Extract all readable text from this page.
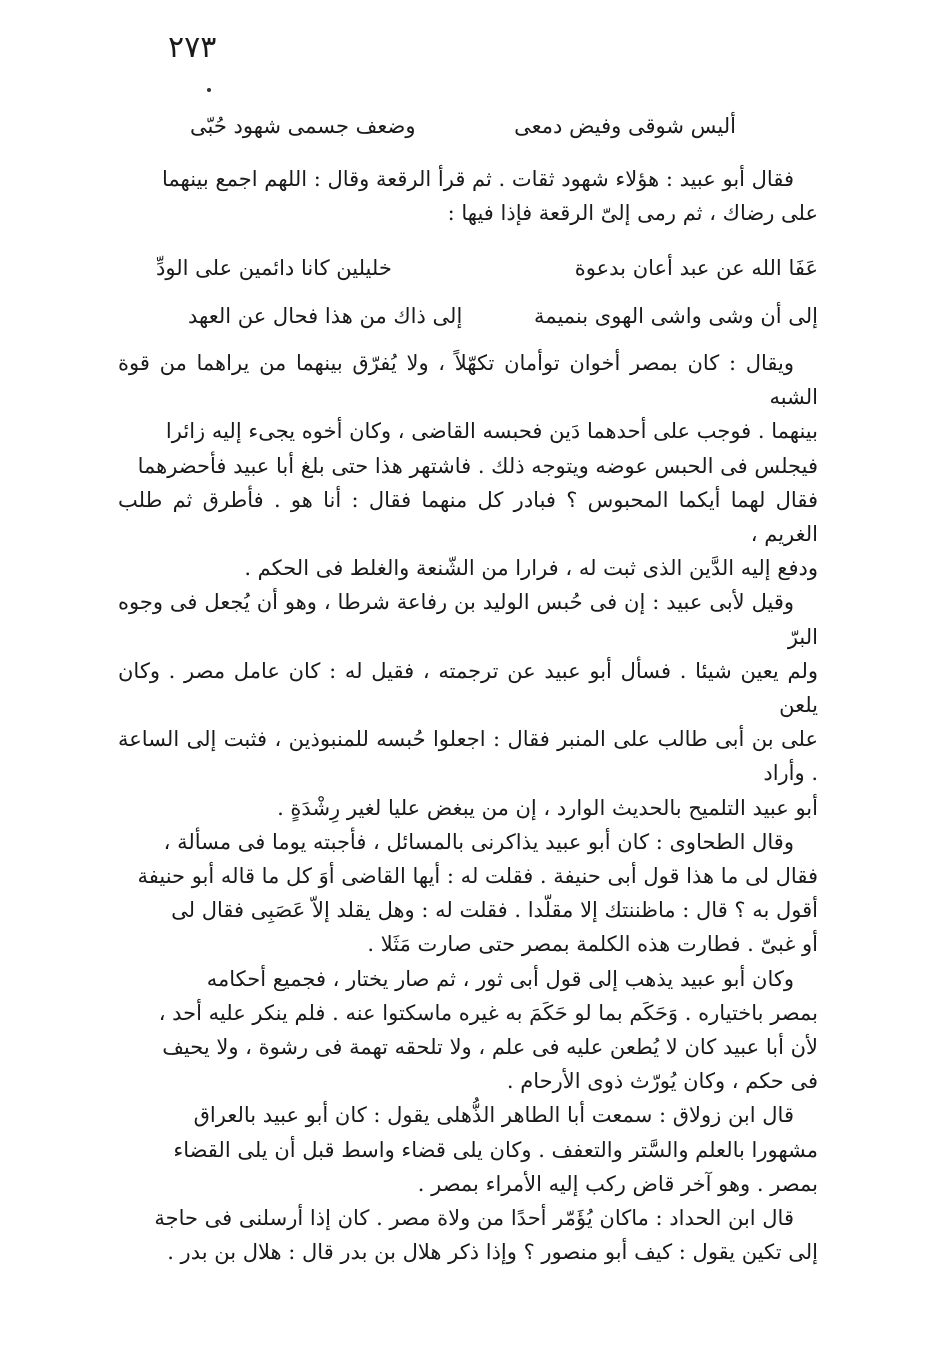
٢٧٣
أليس شوقى وفيض دمعى
وضعف جسمى شهود حُبّى

فقال أبو عبيد : هؤلاء شهود ثقات . ثم قرأ الرقعة وقال : اللهم اجمع بينهما

على رضاك ، ثم رمى إلىّ الرقعة فإذا فيها :

عَفَا الله عن عبد أعان بدعوة
خليلين كانا دائمين على الودِّ
إلى أن وشى واشى الهوى بنميمة
إلى ذاك من هذا فحال عن العهد

ويقال : كان بمصر أخوان توأمان تكهّلاً ، ولا يُفرّق بينهما من يراهما من قوة الشبه

بينهما . فوجب على أحدهما دَين فحبسه القاضى ، وكان أخوه يجىء إليه زائرا

فيجلس فى الحبس عوضه ويتوجه ذلك . فاشتهر هذا حتى بلغ أبا عبيد فأحضرهما

فقال لهما أيكما المحبوس ؟ فبادر كل منهما فقال : أنا هو . فأطرق ثم طلب الغريم ،

ودفع إليه الدَّين الذى ثبت له ، فرارا من الشّنعة والغلط فى الحكم .

وقيل لأبى عبيد : إن فى حُبس الوليد بن رفاعة شرطا ، وهو أن يُجعل فى وجوه البرّ

ولم يعين شيئا . فسأل أبو عبيد عن ترجمته ، فقيل له : كان عامل مصر . وكان يلعن

على بن أبى طالب على المنبر فقال : اجعلوا حُبسه للمنبوذين ، فثبت إلى الساعة . وأراد

أبو عبيد التلميح بالحديث الوارد ، إن من يبغض عليا لغير رِشْدَةٍ .

وقال الطحاوى : كان أبو عبيد يذاكرنى بالمسائل ، فأجبته يوما فى مسألة ،

فقال لى ما هذا قول أبى حنيفة . فقلت له : أيها القاضى أوَ كل ما قاله أبو حنيفة

أقول به ؟ قال : ماظننتك إلا مقلّدا . فقلت له : وهل يقلد إلاّ عَصَبِى فقال لى

أو غبىّ . فطارت هذه الكلمة بمصر حتى صارت مَثَلا .

وكان أبو عبيد يذهب إلى قول أبى ثور ، ثم صار يختار ، فجميع أحكامه

بمصر باختياره . وَحَكَم بما لو حَكَمَ به غيره ماسكتوا عنه . فلم ينكر عليه أحد ،

لأن أبا عبيد كان لا يُطعن عليه فى علم ، ولا تلحقه تهمة فى رشوة ، ولا يحيف

فى حكم ، وكان يُورّث ذوى الأرحام .

قال ابن زولاق : سمعت أبا الطاهر الذُّهلى يقول : كان أبو عبيد بالعراق

مشهورا بالعلم والسَّتر والتعفف . وكان يلى قضاء واسط قبل أن يلى القضاء

بمصر . وهو آخر قاض ركب إليه الأمراء بمصر .

قال ابن الحداد : ماكان يُؤَمّر أحدًا من ولاة مصر . كان إذا أرسلنى فى حاجة

إلى تكين يقول : كيف أبو منصور ؟ وإذا ذكر هلال بن بدر قال : هلال بن بدر .
